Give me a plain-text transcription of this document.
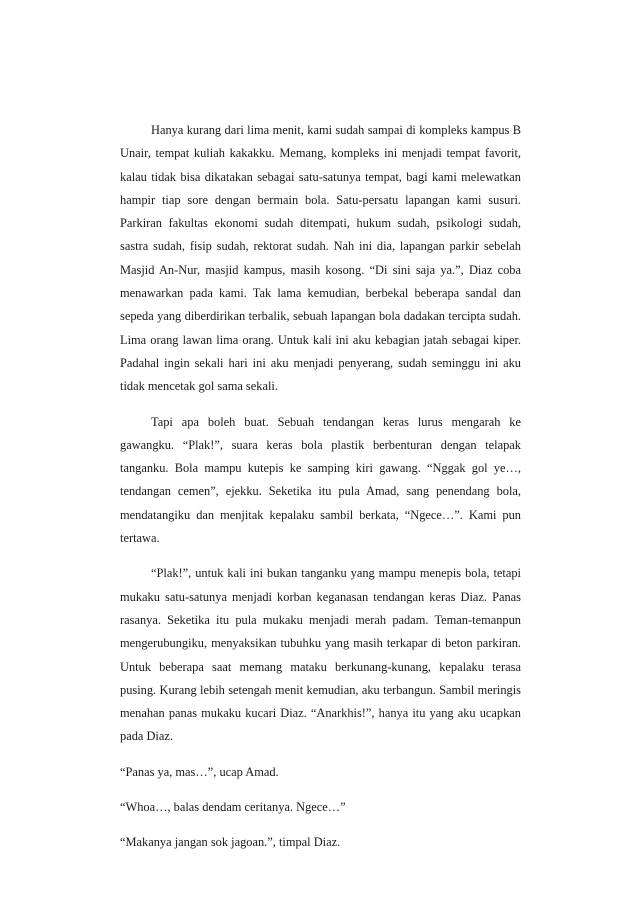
Hanya kurang dari lima menit, kami sudah sampai di kompleks kampus B Unair, tempat kuliah kakakku. Memang, kompleks ini menjadi tempat favorit, kalau tidak bisa dikatakan sebagai satu-satunya tempat, bagi kami melewatkan hampir tiap sore dengan bermain bola. Satu-persatu lapangan kami susuri. Parkiran fakultas ekonomi sudah ditempati, hukum sudah, psikologi sudah, sastra sudah, fisip sudah, rektorat sudah. Nah ini dia, lapangan parkir sebelah Masjid An-Nur, masjid kampus, masih kosong. “Di sini saja ya.”, Diaz coba menawarkan pada kami. Tak lama kemudian, berbekal beberapa sandal dan sepeda yang diberdirikan terbalik, sebuah lapangan bola dadakan tercipta sudah. Lima orang lawan lima orang. Untuk kali ini aku kebagian jatah sebagai kiper. Padahal ingin sekali hari ini aku menjadi penyerang, sudah seminggu ini aku tidak mencetak gol sama sekali.

Tapi apa boleh buat. Sebuah tendangan keras lurus mengarah ke gawangku. “Plak!”, suara keras bola plastik berbenturan dengan telapak tanganku. Bola mampu kutepis ke samping kiri gawang. “Nggak gol ye…, tendangan cemen”, ejekku. Seketika itu pula Amad, sang penendang bola, mendatangiku dan menjitak kepalaku sambil berkata, “Ngece…”. Kami pun tertawa.

“Plak!”, untuk kali ini bukan tanganku yang mampu menepis bola, tetapi mukaku satu-satunya menjadi korban keganasan tendangan keras Diaz. Panas rasanya. Seketika itu pula mukaku menjadi merah padam. Teman-temanpun mengerubungiku, menyaksikan tubuhku yang masih terkapar di beton parkiran. Untuk beberapa saat memang mataku berkunang-kunang, kepalaku terasa pusing. Kurang lebih setengah menit kemudian, aku terbangun. Sambil meringis menahan panas mukaku kucari Diaz. “Anarkhis!”, hanya itu yang aku ucapkan pada Diaz.

“Panas ya, mas…”, ucap Amad.

“Whoa…, balas dendam ceritanya. Ngece…”

“Makanya jangan sok jagoan.”, timpal Diaz.
